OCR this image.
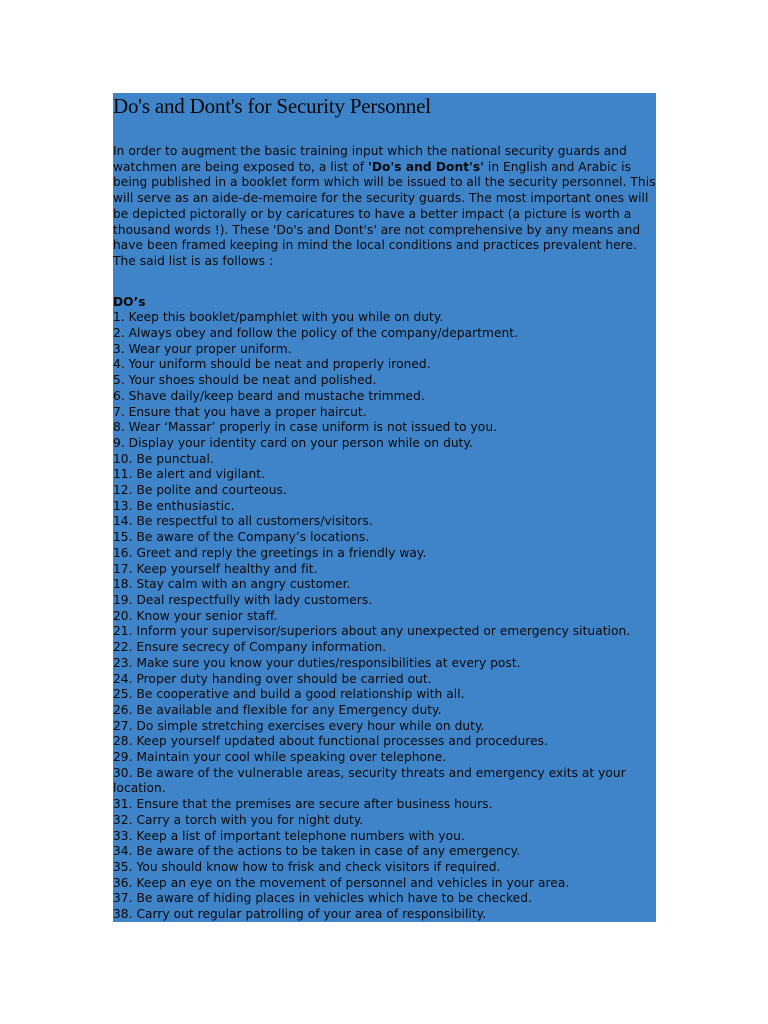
Do's and Dont's for Security Personnel

In order to augment the basic training input which the national security guards and watchmen are being exposed to, a list of 'Do's and Dont's' in English and Arabic is being published in a booklet form which will be issued to all the security personnel. This will serve as an aide-de-memoire for the security guards. The most important ones will be depicted pictorally or by caricatures to have a better impact (a picture is worth a thousand words !). These 'Do's and Dont's' are not comprehensive by any means and have been framed keeping in mind the local conditions and practices prevalent here. The said list is as follows :

DO’s
1. Keep this booklet/pamphlet with you while on duty.
2. Always obey and follow the policy of the company/department.
3. Wear your proper uniform.
4. Your uniform should be neat and properly ironed.
5. Your shoes should be neat and polished.
6. Shave daily/keep beard and mustache trimmed.
7. Ensure that you have a proper haircut.
8. Wear ‘Massar’ properly in case uniform is not issued to you.
9. Display your identity card on your person while on duty.
10. Be punctual.
11. Be alert and vigilant.
12. Be polite and courteous.
13. Be enthusiastic.
14. Be respectful to all customers/visitors.
15. Be aware of the Company’s locations.
16. Greet and reply the greetings in a friendly way.
17. Keep yourself healthy and fit.
18. Stay calm with an angry customer.
19. Deal respectfully with lady customers.
20. Know your senior staff.
21. Inform your supervisor/superiors about any unexpected or emergency situation.
22. Ensure secrecy of Company information.
23. Make sure you know your duties/responsibilities at every post.
24. Proper duty handing over should be carried out.
25. Be cooperative and build a good relationship with all.
26. Be available and flexible for any Emergency duty.
27. Do simple stretching exercises every hour while on duty.
28. Keep yourself updated about functional processes and procedures.
29. Maintain your cool while speaking over telephone.
30. Be aware of the vulnerable areas, security threats and emergency exits at your location.
31. Ensure that the premises are secure after business hours.
32. Carry a torch with you for night duty.
33. Keep a list of important telephone numbers with you.
34. Be aware of the actions to be taken in case of any emergency.
35. You should know how to frisk and check visitors if required.
36. Keep an eye on the movement of personnel and vehicles in your area.
37. Be aware of hiding places in vehicles which have to be checked.
38. Carry out regular patrolling of your area of responsibility.
